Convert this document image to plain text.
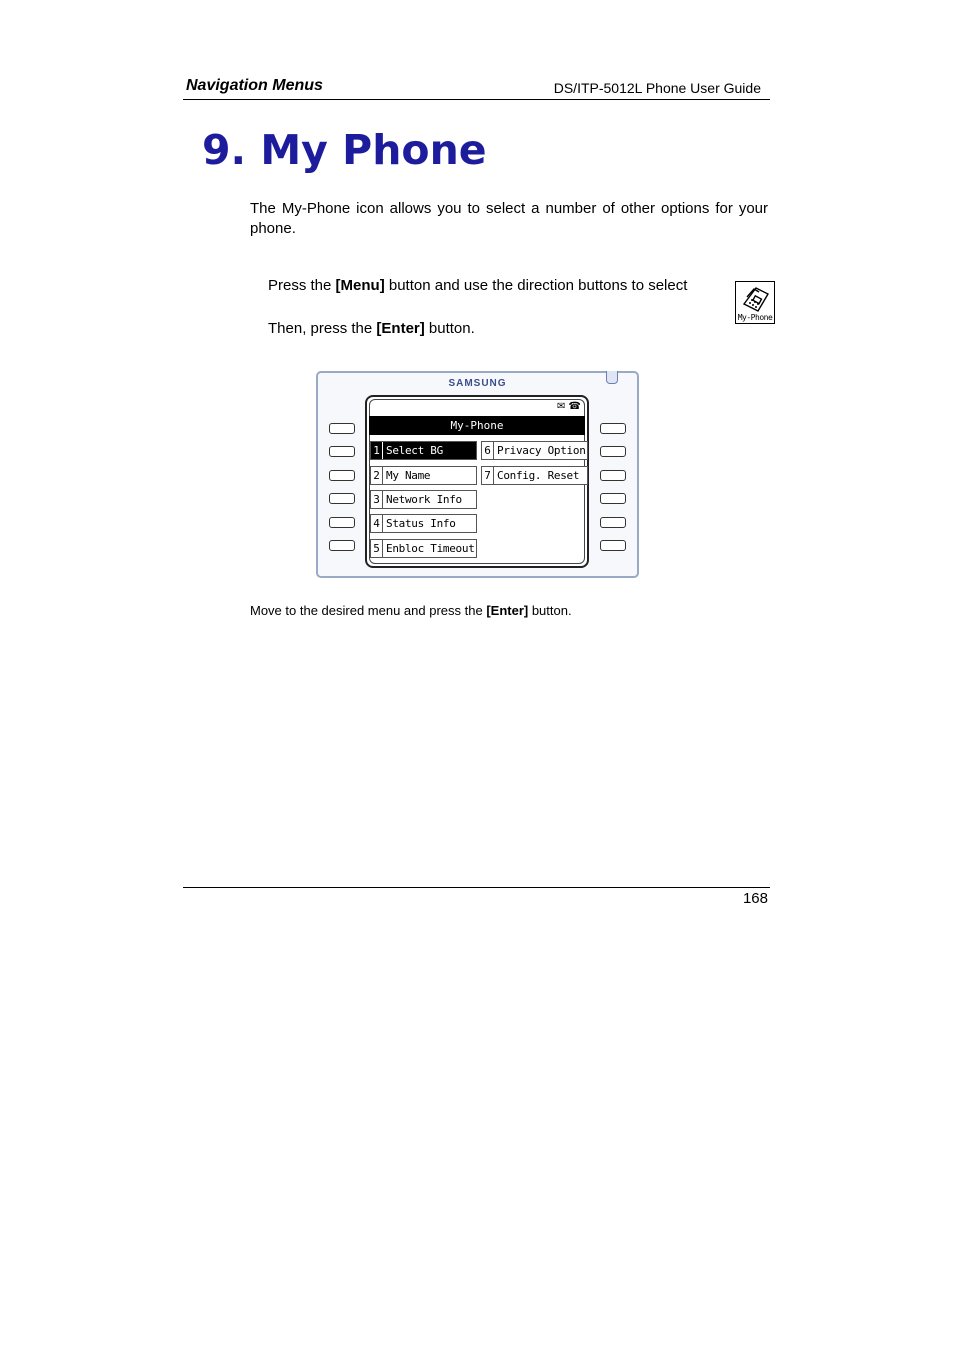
Navigation Menus	DS/ITP-5012L Phone User Guide
9. My Phone
The My-Phone icon allows you to select a number of other options for your phone.
Press the [Menu] button and use the direction buttons to select
Then, press the [Enter] button.
My-Phone
SAMSUNG
✉ ☎
My-Phone
1 Select BG
2 My Name
3 Network Info
4 Status Info
5 Enbloc Timeout
6 Privacy Option
7 Config. Reset
Move to the desired menu and press the [Enter] button.
168
